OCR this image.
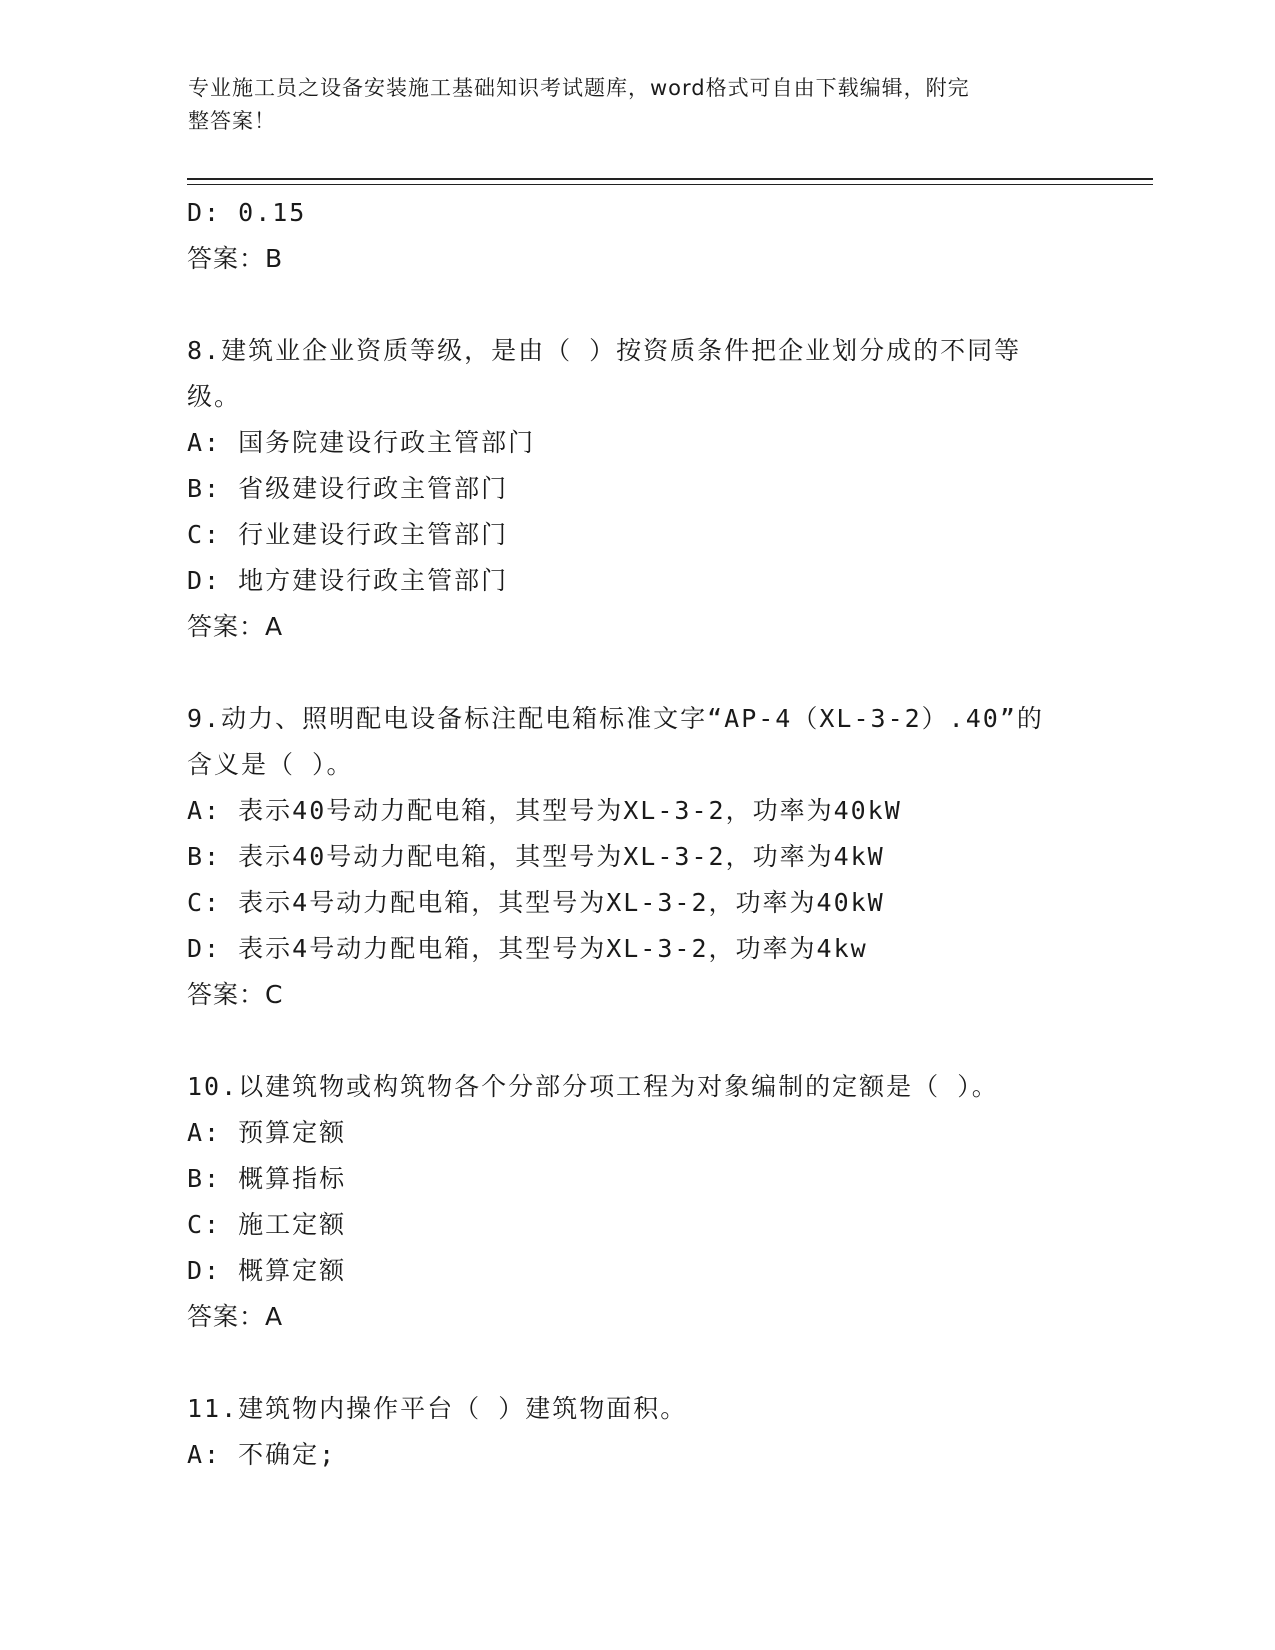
专业施工员之设备安装施工基础知识考试题库，word格式可自由下载编辑，附完
整答案！

D: 0.15

答案：B

8.建筑业企业资质等级，是由（ ）按资质条件把企业划分成的不同等

级。

A: 国务院建设行政主管部门

B: 省级建设行政主管部门

C: 行业建设行政主管部门

D: 地方建设行政主管部门

答案：A

9.动力、照明配电设备标注配电箱标准文字“AP-4（XL-3-2）.40”的

含义是（ ）。

A: 表示40号动力配电箱，其型号为XL-3-2，功率为40kW

B: 表示40号动力配电箱，其型号为XL-3-2，功率为4kW

C: 表示4号动力配电箱，其型号为XL-3-2，功率为40kW

D: 表示4号动力配电箱，其型号为XL-3-2，功率为4kw

答案：C

10.以建筑物或构筑物各个分部分项工程为对象编制的定额是（ ）。

A: 预算定额

B: 概算指标

C: 施工定额

D: 概算定额

答案：A

11.建筑物内操作平台（ ）建筑物面积。

A: 不确定;
